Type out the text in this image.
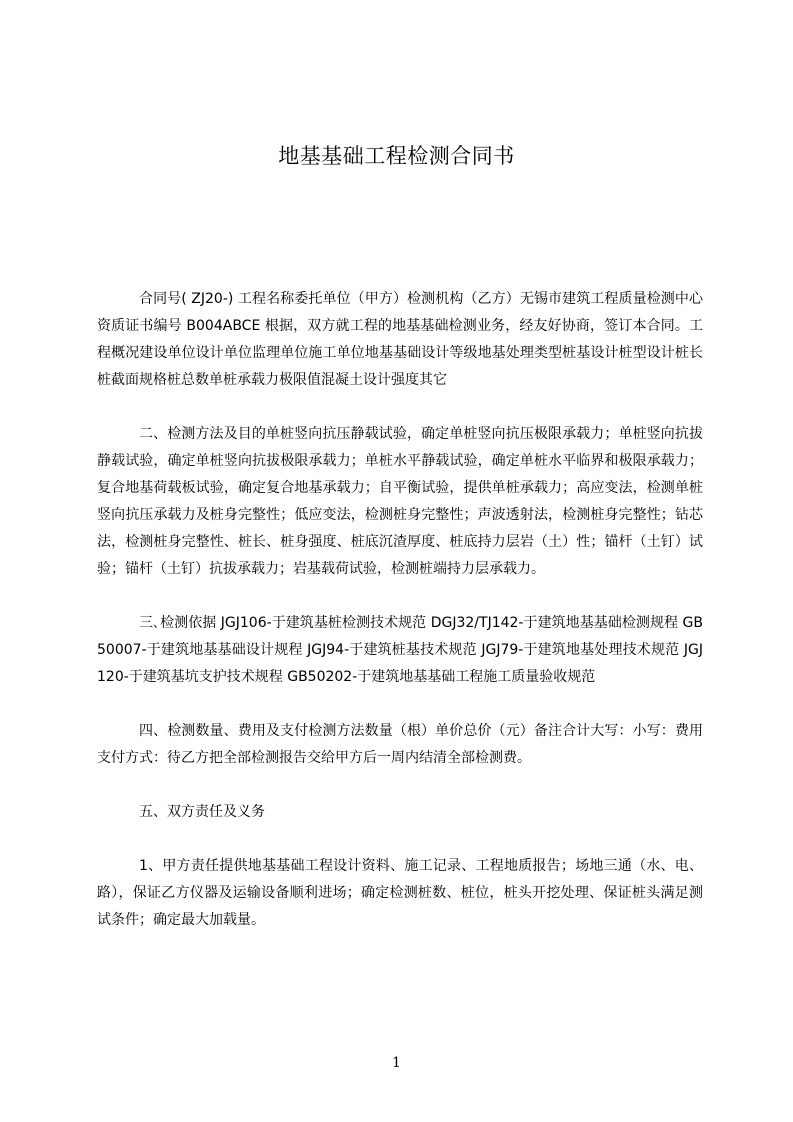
地基基础工程检测合同书

合同号( ZJ20-) 工程名称委托单位（甲方）检测机构（乙方）无锡市建筑工程质量检测中心资质证书编号 B004ABCE 根据，双方就工程的地基基础检测业务，经友好协商，签订本合同。工程概况建设单位设计单位监理单位施工单位地基基础设计等级地基处理类型桩基设计桩型设计桩长桩截面规格桩总数单桩承载力极限值混凝土设计强度其它

二、检测方法及目的单桩竖向抗压静载试验，确定单桩竖向抗压极限承载力；单桩竖向抗拔静载试验，确定单桩竖向抗拔极限承载力；单桩水平静载试验，确定单桩水平临界和极限承载力；复合地基荷载板试验，确定复合地基承载力；自平衡试验，提供单桩承载力；高应变法，检测单桩竖向抗压承载力及桩身完整性；低应变法，检测桩身完整性；声波透射法，检测桩身完整性；钻芯法，检测桩身完整性、桩长、桩身强度、桩底沉渣厚度、桩底持力层岩（土）性；锚杆（土钉）试验；锚杆（土钉）抗拔承载力；岩基载荷试验，检测桩端持力层承载力。

三､检测依据 JGJ106-于建筑基桩检测技术规范 DGJ32/TJ142-于建筑地基基础检测规程 GB50007-于建筑地基基础设计规程 JGJ94-于建筑桩基技术规范 JGJ79-于建筑地基处理技术规范 JGJ120-于建筑基坑支护技术规程 GB50202-于建筑地基基础工程施工质量验收规范

四、检测数量、费用及支付检测方法数量（根）单价总价（元）备注合计大写：小写：费用支付方式：待乙方把全部检测报告交给甲方后一周内结清全部检测费。

五、双方责任及义务

1、甲方责任提供地基基础工程设计资料、施工记录、工程地质报告；场地三通（水、电、路），保证乙方仪器及运输设备顺利进场；确定检测桩数、桩位，桩头开挖处理、保证桩头满足测试条件；确定最大加载量。

1
